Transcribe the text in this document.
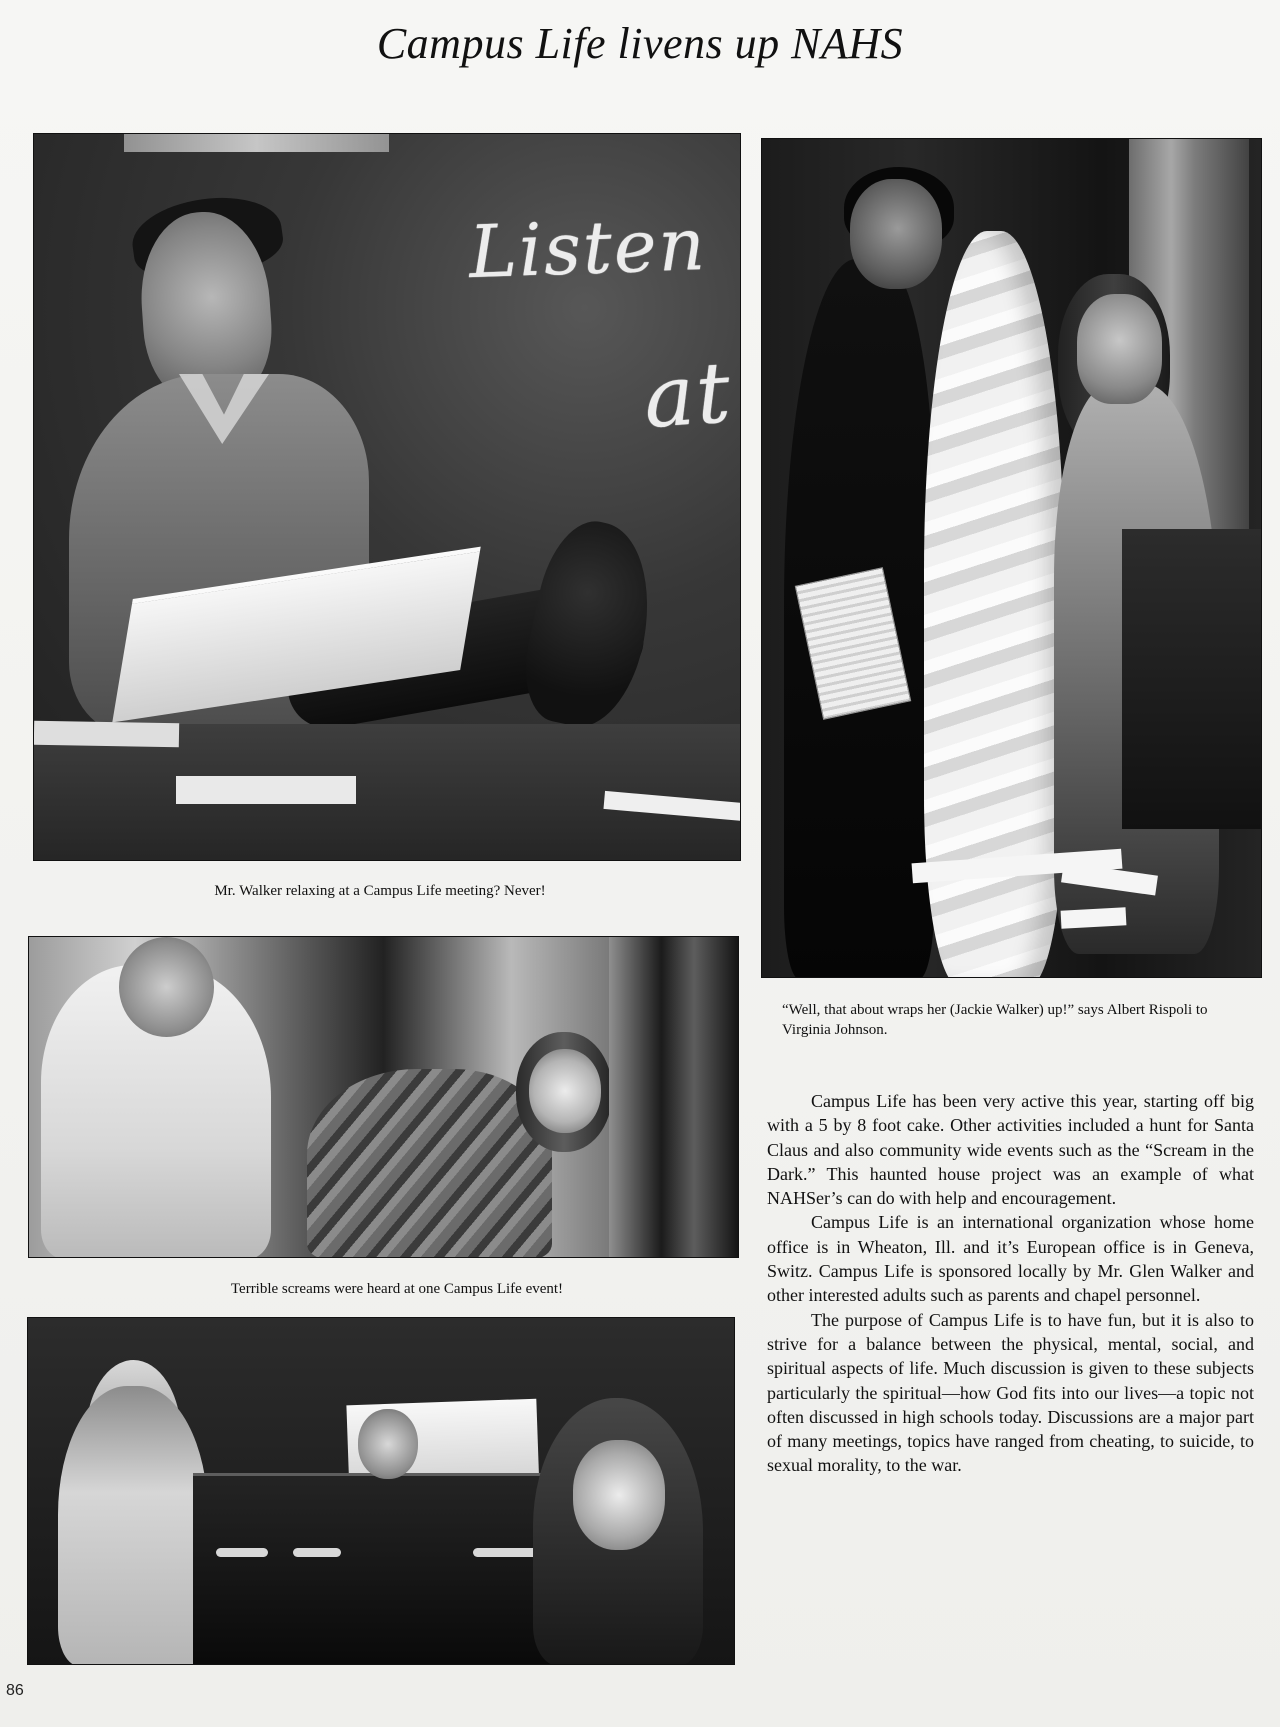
Campus Life livens up NAHS
Listen
at
Mr. Walker relaxing at a Campus Life meeting? Never!
“Well, that about wraps her (Jackie Walker) up!” says Albert Rispoli to Virginia Johnson.
Terrible screams were heard at one Campus Life event!

Campus Life has been very active this year, starting off big with a 5 by 8 foot cake. Other activities included a hunt for Santa Claus and also community wide events such as the “Scream in the Dark.” This haunted house project was an example of what NAHSer’s can do with help and encouragement.

Campus Life is an international organization whose home office is in Wheaton, Ill. and it’s European office is in Geneva, Switz. Campus Life is sponsored locally by Mr. Glen Walker and other interested adults such as parents and chapel personnel.

The purpose of Campus Life is to have fun, but it is also to strive for a balance between the physical, mental, social, and spiritual aspects of life. Much discussion is given to these subjects particularly the spiritual—how God fits into our lives—a topic not often discussed in high schools today. Discussions are a major part of many meetings, topics have ranged from cheating, to suicide, to sexual morality, to the war.

86
